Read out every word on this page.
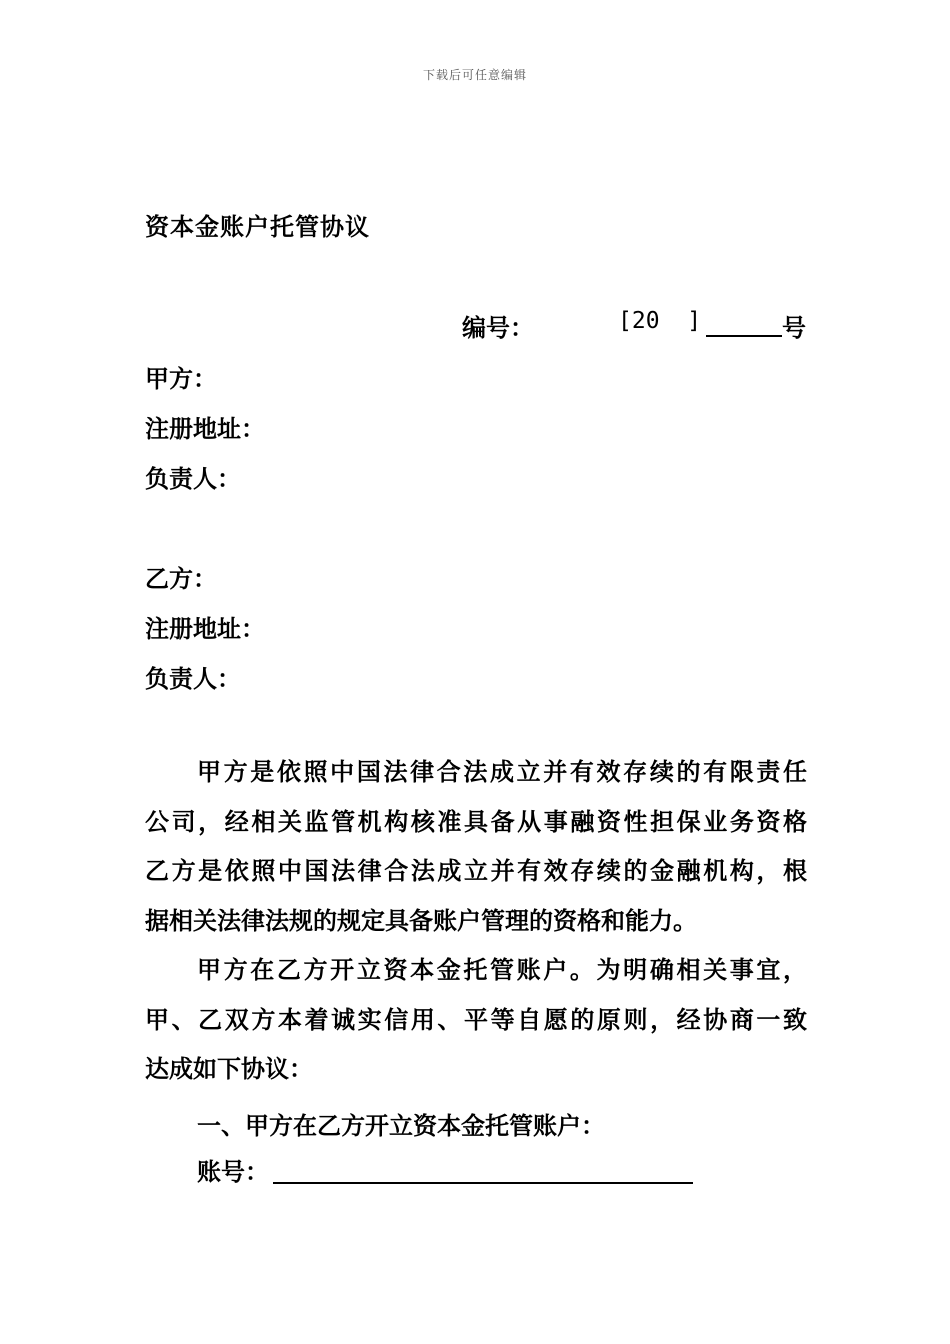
下载后可任意编辑
资本金账户托管协议
编号：	[20  ]	号
甲方：
注册地址：
负责人：
乙方：
注册地址：
负责人：
甲方是依照中国法律合法成立并有效存续的有限责任
公司，经相关监管机构核准具备从事融资性担保业务资格
乙方是依照中国法律合法成立并有效存续的金融机构，根
据相关法律法规的规定具备账户管理的资格和能力。
甲方在乙方开立资本金托管账户。为明确相关事宜，
甲、乙双方本着诚实信用、平等自愿的原则，经协商一致
达成如下协议：
一、甲方在乙方开立资本金托管账户：
账号：
